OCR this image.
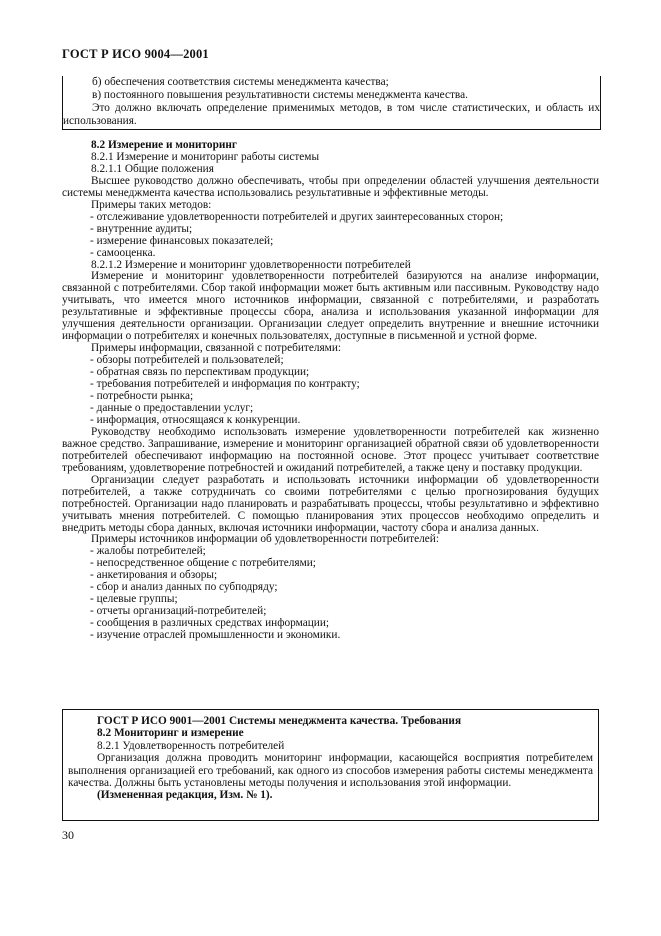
ГОСТ Р ИСО 9004—2001

б) обеспечения соответствия системы менеджмента качества;

в) постоянного повышения результативности системы менеджмента качества.

Это должно включать определение применимых методов, в том числе статистических, и область их использования.

8.2 Измерение и мониторинг

8.2.1 Измерение и мониторинг работы системы

8.2.1.1 Общие положения

Высшее руководство должно обеспечивать, чтобы при определении областей улучшения деятельности системы менеджмента качества использовались результативные и эффективные методы.

Примеры таких методов:

- отслеживание удовлетворенности потребителей и других заинтересованных сторон;

- внутренние аудиты;

- измерение финансовых показателей;

- самооценка.

8.2.1.2 Измерение и мониторинг удовлетворенности потребителей

Измерение и мониторинг удовлетворенности потребителей базируются на анализе информации, связанной с потребителями. Сбор такой информации может быть активным или пассивным. Руководству надо учитывать, что имеется много источников информации, связанной с потребителями, и разработать результативные и эффективные процессы сбора, анализа и использования указанной информации для улучшения деятельности организации. Организации следует определить внутренние и внешние источники информации о потребителях и конечных пользователях, доступные в письменной и устной форме.

Примеры информации, связанной с потребителями:

- обзоры потребителей и пользователей;

- обратная связь по перспективам продукции;

- требования потребителей и информация по контракту;

- потребности рынка;

- данные о предоставлении услуг;

- информация, относящаяся к конкуренции.

Руководству необходимо использовать измерение удовлетворенности потребителей как жизненно важное средство. Запрашивание, измерение и мониторинг организацией обратной связи об удовлетворенности потребителей обеспечивают информацию на постоянной основе. Этот процесс учитывает соответствие требованиям, удовлетворение потребностей и ожиданий потребителей, а также цену и поставку продукции.

Организации следует разработать и использовать источники информации об удовлетворенности потребителей, а также сотрудничать со своими потребителями с целью прогнозирования будущих потребностей. Организации надо планировать и разрабатывать процессы, чтобы результативно и эффективно учитывать мнения потребителей. С помощью планирования этих процессов необходимо определить и внедрить методы сбора данных, включая источники информации, частоту сбора и анализа данных.

Примеры источников информации об удовлетворенности потребителей:

- жалобы потребителей;

- непосредственное общение с потребителями;

- анкетирования и обзоры;

- сбор и анализ данных по субподряду;

- целевые группы;

- отчеты организаций-потребителей;

- сообщения в различных средствах информации;

- изучение отраслей промышленности и экономики.

ГОСТ Р ИСО 9001—2001 Системы менеджмента качества. Требования

8.2 Мониторинг и измерение

8.2.1 Удовлетворенность потребителей

Организация должна проводить мониторинг информации, касающейся восприятия потребителем выполнения организацией его требований, как одного из способов измерения работы системы менеджмента качества. Должны быть установлены методы получения и использования этой информации.

(Измененная редакция, Изм. № 1).

30
